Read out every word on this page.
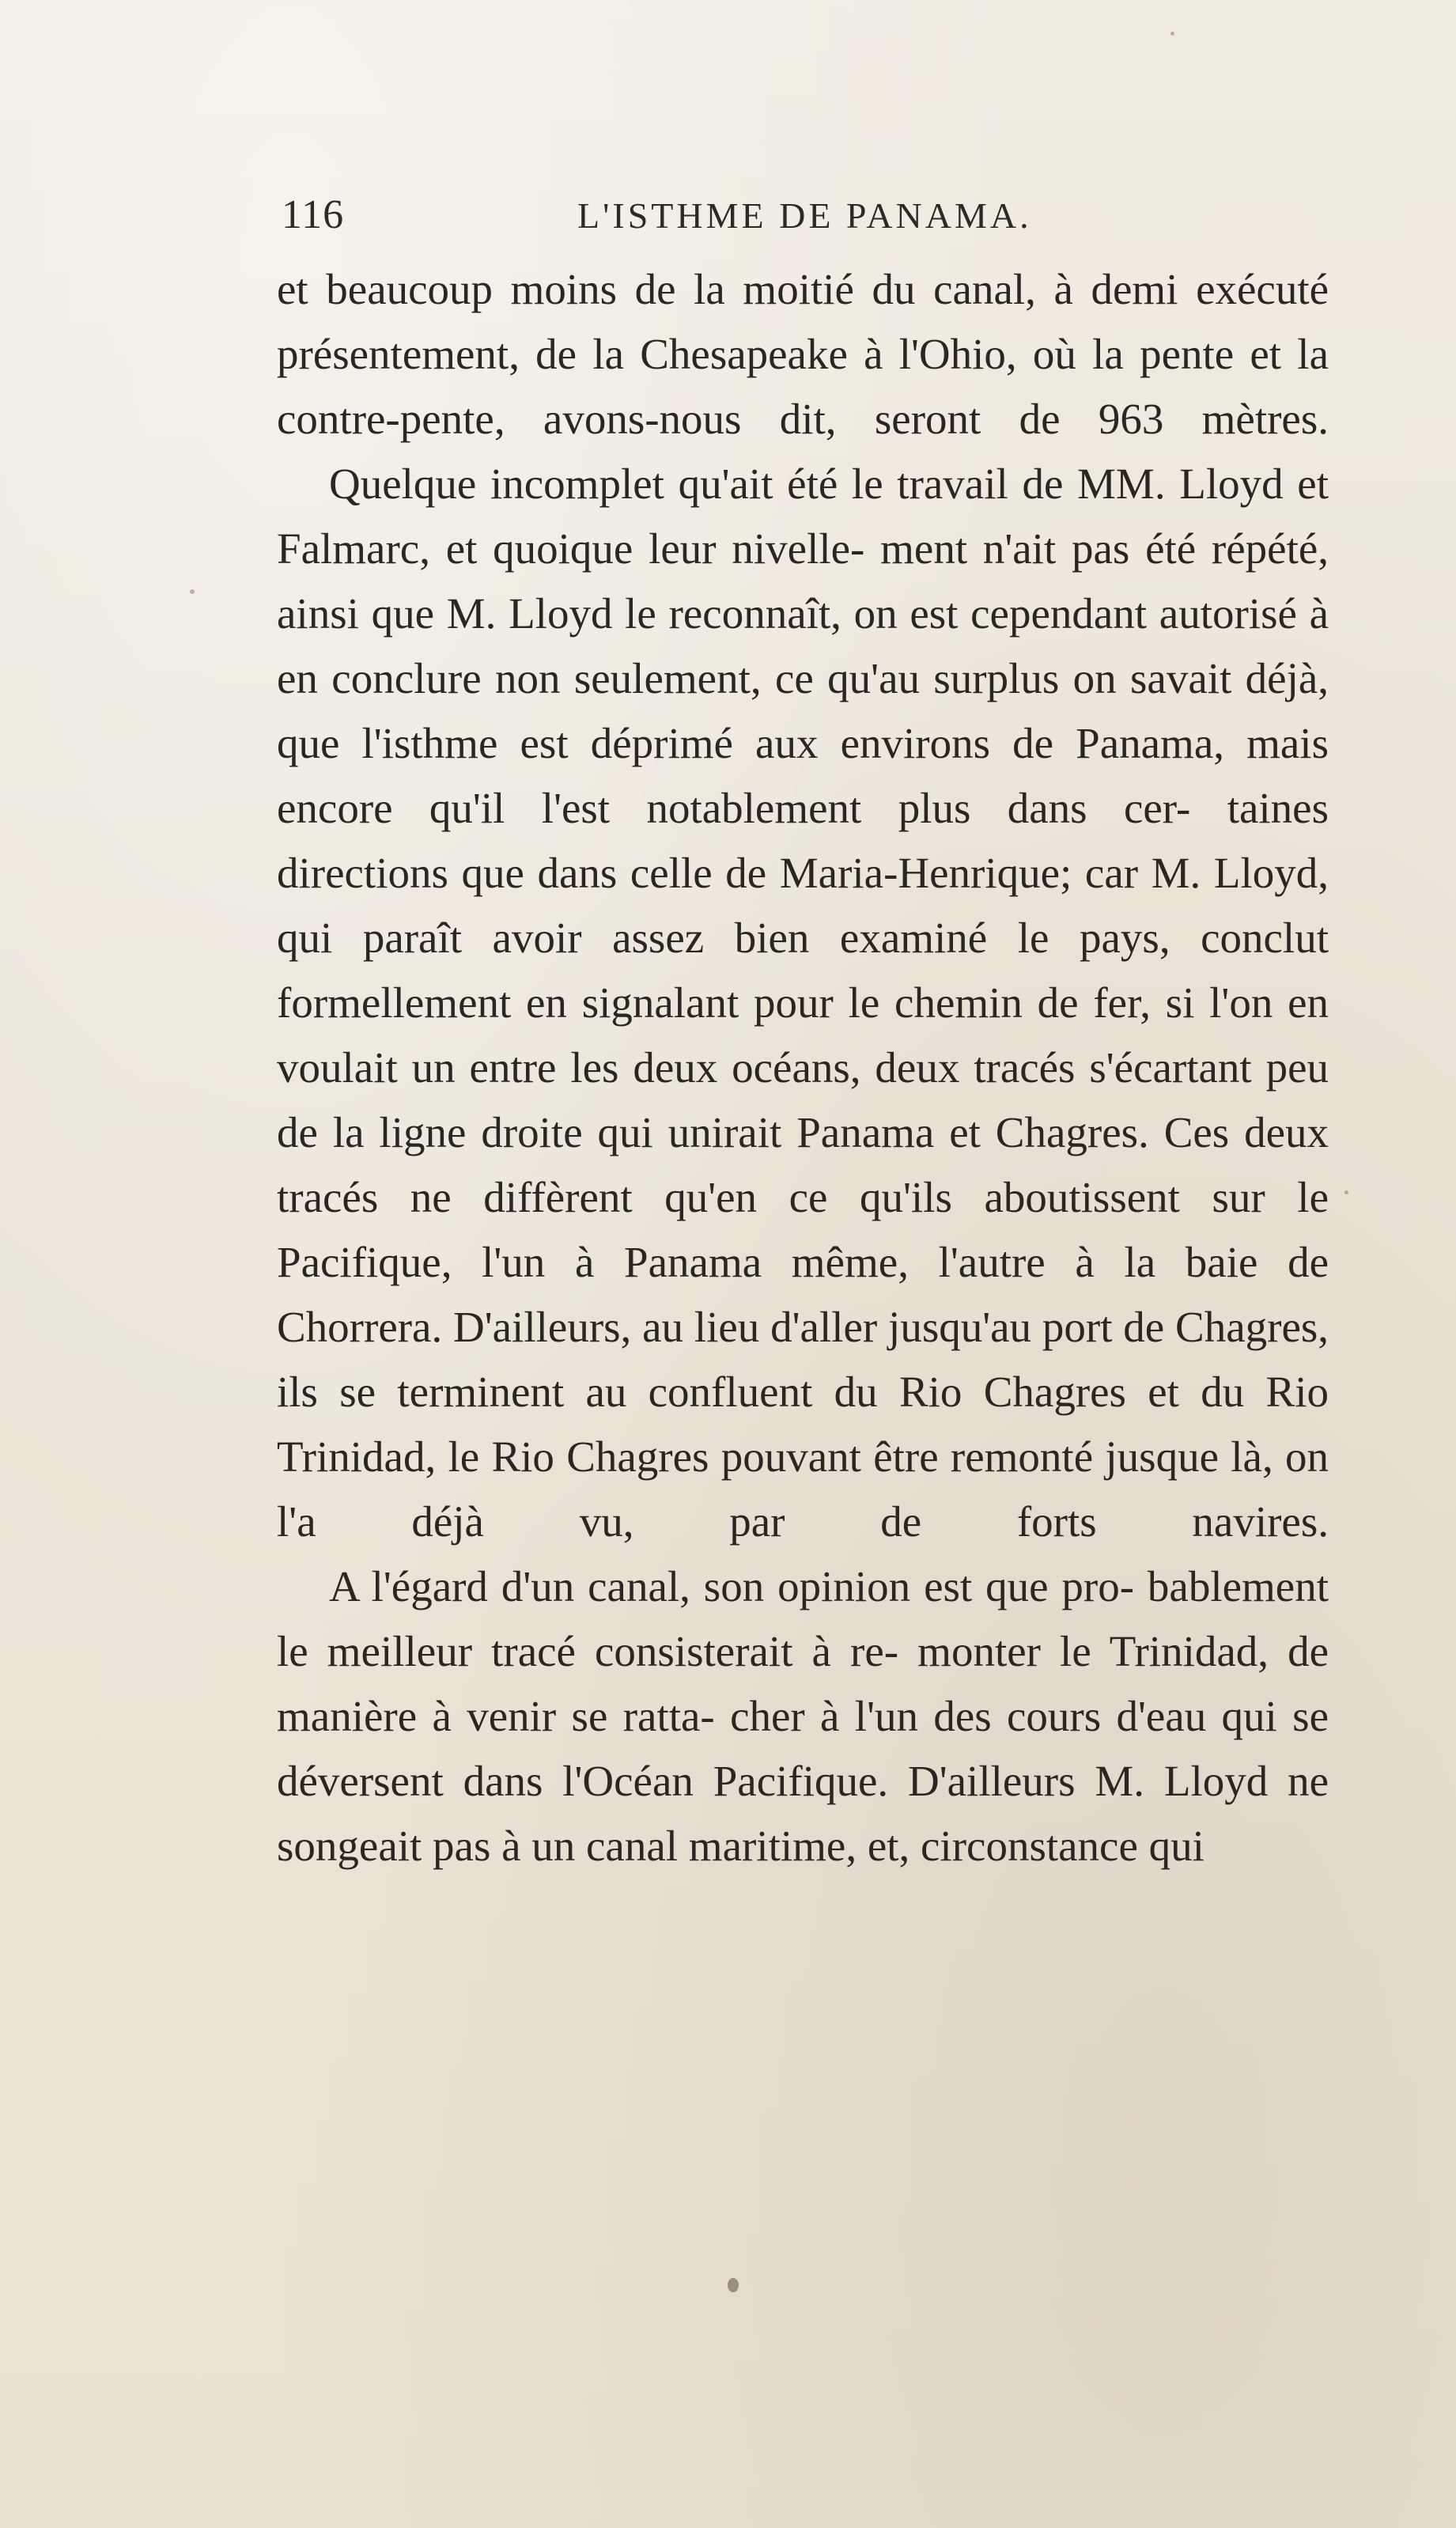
116	L'ISTHME DE PANAMA.

et beaucoup moins de la moitié du canal, à demi exécuté présentement, de la Chesapeake à l'Ohio, où la pente et la contre-pente, avons-nous dit, seront de 963 mètres.

Quelque incomplet qu'ait été le travail de MM. Lloyd et Falmarc, et quoique leur nivelle- ment n'ait pas été répété, ainsi que M. Lloyd le reconnaît, on est cependant autorisé à en conclure non seulement, ce qu'au surplus on savait déjà, que l'isthme est déprimé aux environs de Panama, mais encore qu'il l'est notablement plus dans cer- taines directions que dans celle de Maria-Henrique; car M. Lloyd, qui paraît avoir assez bien examiné le pays, conclut formellement en signalant pour le chemin de fer, si l'on en voulait un entre les deux océans, deux tracés s'écartant peu de la ligne droite qui unirait Panama et Chagres. Ces deux tracés ne diffèrent qu'en ce qu'ils aboutissent sur le Pacifique, l'un à Panama même, l'autre à la baie de Chorrera. D'ailleurs, au lieu d'aller jusqu'au port de Chagres, ils se terminent au confluent du Rio Chagres et du Rio Trinidad, le Rio Chagres pouvant être remonté jusque là, on l'a déjà vu, par de forts navires.

A l'égard d'un canal, son opinion est que pro- bablement le meilleur tracé consisterait à re- monter le Trinidad, de manière à venir se ratta- cher à l'un des cours d'eau qui se déversent dans l'Océan Pacifique. D'ailleurs M. Lloyd ne songeait pas à un canal maritime, et, circonstance qui
